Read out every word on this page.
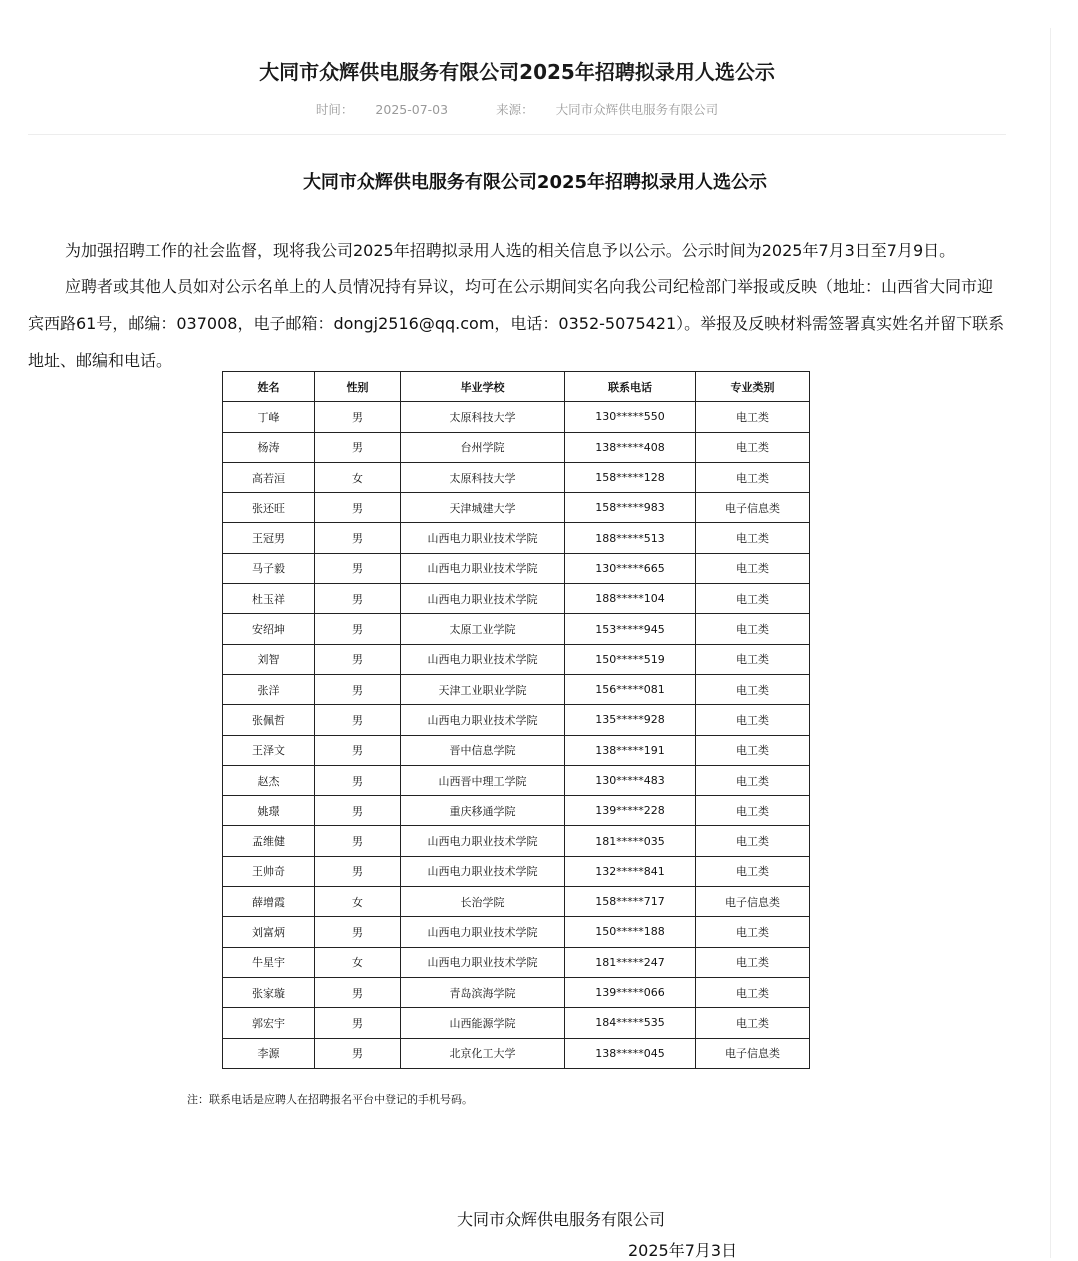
大同市众辉供电服务有限公司2025年招聘拟录用人选公示
时间： 2025-07-03	来源： 大同市众辉供电服务有限公司
大同市众辉供电服务有限公司2025年招聘拟录用人选公示

为加强招聘工作的社会监督，现将我公司2025年招聘拟录用人选的相关信息予以公示。公示时间为2025年7月3日至7月9日。

应聘者或其他人员如对公示名单上的人员情况持有异议，均可在公示期间实名向我公司纪检部门举报或反映（地址：山西省大同市迎宾西路61号，邮编：037008，电子邮箱：dongj2516@qq.com，电话：0352-5075421）。举报及反映材料需签署真实姓名并留下联系地址、邮编和电话。

姓名	性别	毕业学校	联系电话	专业类别
丁峰	男	太原科技大学	130*****550	电工类
杨涛	男	台州学院	138*****408	电工类
高若洹	女	太原科技大学	158*****128	电工类
张还旺	男	天津城建大学	158*****983	电子信息类
王冠男	男	山西电力职业技术学院	188*****513	电工类
马子毅	男	山西电力职业技术学院	130*****665	电工类
杜玉祥	男	山西电力职业技术学院	188*****104	电工类
安绍坤	男	太原工业学院	153*****945	电工类
刘智	男	山西电力职业技术学院	150*****519	电工类
张洋	男	天津工业职业学院	156*****081	电工类
张佩哲	男	山西电力职业技术学院	135*****928	电工类
王泽文	男	晋中信息学院	138*****191	电工类
赵杰	男	山西晋中理工学院	130*****483	电工类
姚璟	男	重庆移通学院	139*****228	电工类
孟维健	男	山西电力职业技术学院	181*****035	电工类
王帅奇	男	山西电力职业技术学院	132*****841	电工类
薛增霞	女	长治学院	158*****717	电子信息类
刘富炳	男	山西电力职业技术学院	150*****188	电工类
牛星宇	女	山西电力职业技术学院	181*****247	电工类
张家璇	男	青岛滨海学院	139*****066	电工类
郭宏宇	男	山西能源学院	184*****535	电工类
李源	男	北京化工大学	138*****045	电子信息类
注：联系电话是应聘人在招聘报名平台中登记的手机号码。
大同市众辉供电服务有限公司
2025年7月3日
